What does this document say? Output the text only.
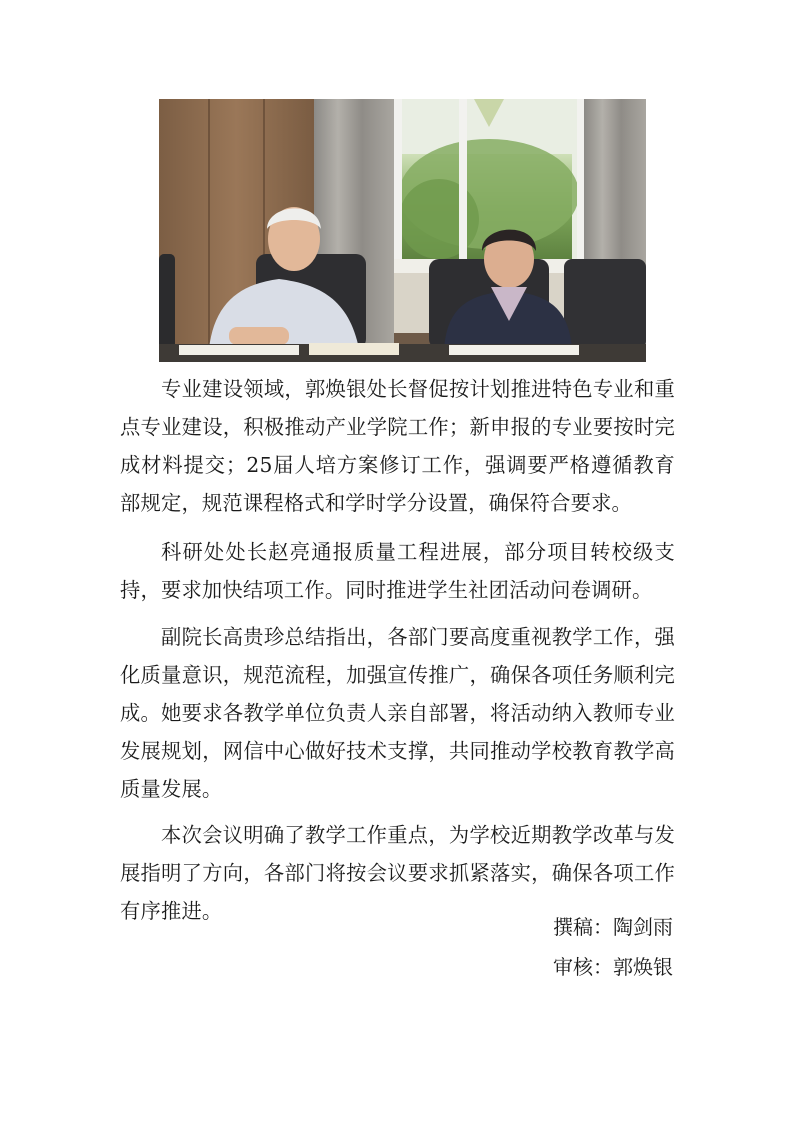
专业建设领域，郭焕银处长督促按计划推进特色专业和重点专业建设，积极推动产业学院工作；新申报的专业要按时完成材料提交；25届人培方案修订工作，强调要严格遵循教育部规定，规范课程格式和学时学分设置，确保符合要求。

科研处处长赵亮通报质量工程进展，部分项目转校级支持，要求加快结项工作。同时推进学生社团活动问卷调研。

副院长高贵珍总结指出，各部门要高度重视教学工作，强化质量意识，规范流程，加强宣传推广，确保各项任务顺利完成。她要求各教学单位负责人亲自部署，将活动纳入教师专业发展规划，网信中心做好技术支撑，共同推动学校教育教学高质量发展。

本次会议明确了教学工作重点，为学校近期教学改革与发展指明了方向，各部门将按会议要求抓紧落实，确保各项工作有序推进。

撰稿：陶剑雨
审核：郭焕银
